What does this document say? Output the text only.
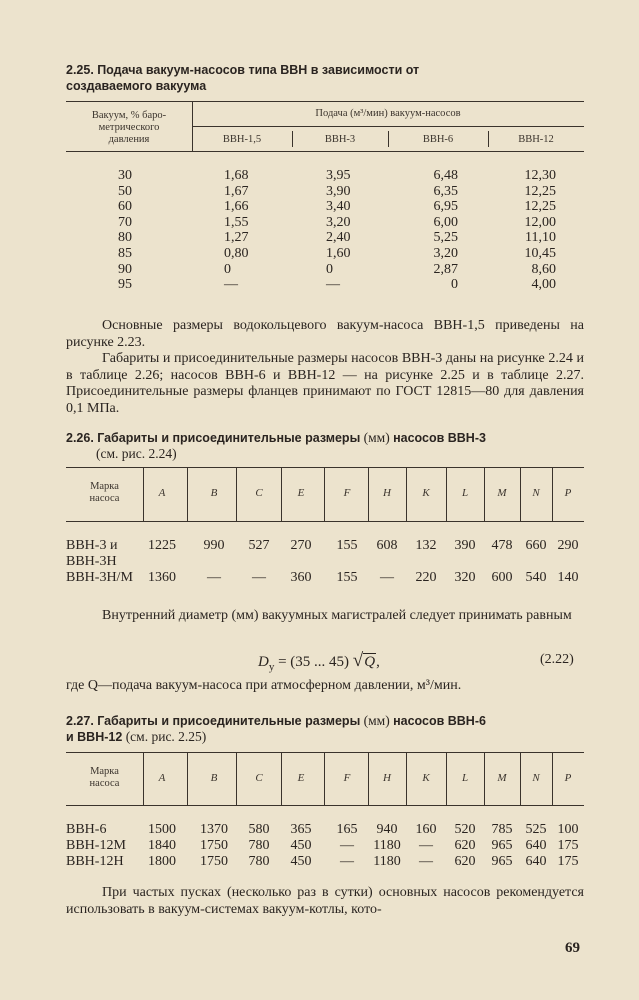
2.25. Подача вакуум-насосов типа ВВН в зависимости от
создаваемого вакуума
Вакуум, % баро-
метрического
давления
Подача (м³/мин) вакуум-насосов
ВВН-1,5	ВВН-3	ВВН-6	ВВН-12
30	1,68	3,95	6,48	12,30
50	1,67	3,90	6,35	12,25
60	1,66	3,40	6,95	12,25
70	1,55	3,20	6,00	12,00
80	1,27	2,40	5,25	11,10
85	0,80	1,60	3,20	10,45
90	0	0	2,87	8,60
95	—	—	0	4,00

Основные размеры водокольцевого вакуум-насоса ВВН-1,5 приведены на рисунке 2.23.

Габариты и присоединительные размеры насосов ВВН-3 даны на рисунке 2.24 и в таблице 2.26; насосов ВВН-6 и ВВН-12 — на рисунке 2.25 и в таблице 2.27. Присоединительные размеры фланцев принимают по ГОСТ 12815—80 для давления 0,1 МПа.

2.26. Габариты и присоединительные размеры (мм) насосов ВВН-3
(см. рис. 2.24)
Марка
насоса	A	B	C	E	F	H	K	L	M	N	P
ВВН-3 и
ВВН-3Н
1225	990	527	270	155	608	132	390	478 660 290
ВВН-3Н/М	1360	—	—	360	155	—	220	320	600 540 140

Внутренний диаметр (мм) вакуумных магистралей следует принимать равным

$D_у = (35$ ... 45) √Q,	(2.22)

где Q—подача вакуум-насоса при атмосферном давлении, м³/мин.

2.27. Габариты и присоединительные размеры (мм) насосов ВВН-6
и ВВН-12 (см. рис. 2.25)
Марка
насоса	A	B	C	E	F	H	K	L	M	N	P
ВВН-6	1500	1370	580	365	165	940	160	520	785 525 100
ВВН-12М	1840	1750	780	450	—	1180	—	620	965 640 175
ВВН-12Н	1800	1750	780	450	—	1180	—	620	965 640 175

При частых пусках (несколько раз в сутки) основных насосов рекомендуется использовать в вакуум-системах вакуум-котлы, кото-

69
